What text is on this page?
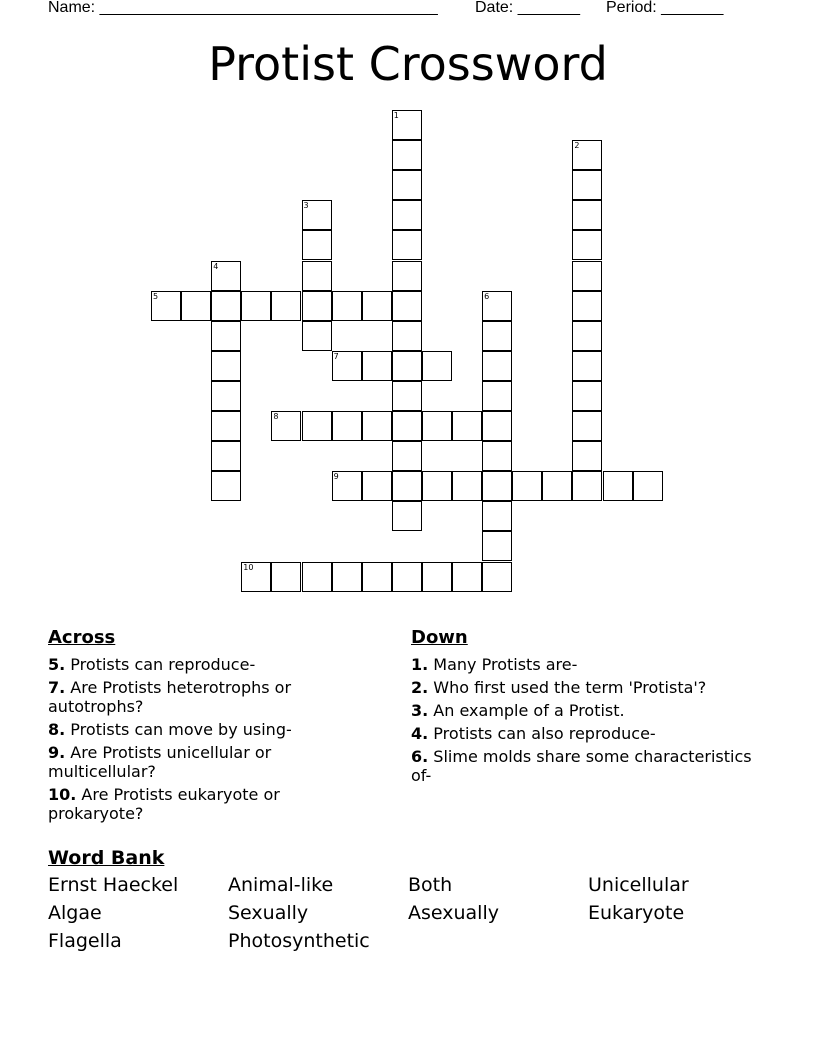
Name: ______________________________________ Date: _______ Period: _______
Protist Crossword
1
2
3
4
5	6
7
8
9
10
Across
5. Protists can reproduce-
7. Are Protists heterotrophs or autotrophs?
8. Protists can move by using-
9. Are Protists unicellular or multicellular?
10. Are Protists eukaryote or prokaryote?
Down
1. Many Protists are-
2. Who first used the term 'Protista'?
3. An example of a Protist.
4. Protists can also reproduce-
6. Slime molds share some characteristics of-
Word Bank
Ernst Haeckel	Animal-like	Both	Unicellular
Algae	Sexually	Asexually	Eukaryote
Flagella	Photosynthetic
